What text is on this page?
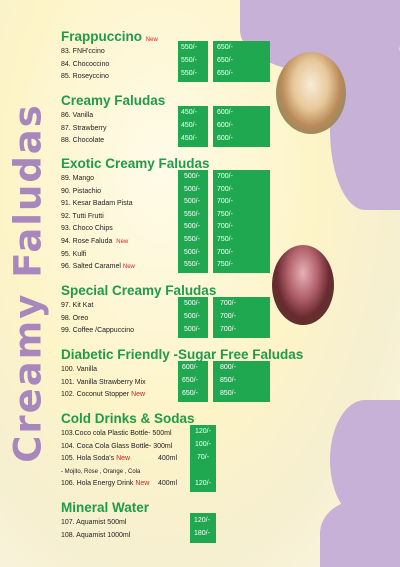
Creamy Faludas
Frappuccino New
83. FNH'ccino
84. Chococcino
85. Roseyccino
550/-
550/-
550/-
650/-
650/-
650/-
Creamy Faludas
86. Vanilla
87. Strawberry
88. Chocolate
450/-
450/-
450/-
600/-
600/-
600/-
Exotic Creamy Faludas
89. Mango
90. Pistachio
91. Kesar Badam Pista
92. Tutti Frutti
93. Choco Chips
94. Rose Faluda New
95. Kulfi
96. Salted Caramel New
500/-
500/-
500/-
550/-
500/-
550/-
500/-
550/-
700/-
700/-
700/-
750/-
700/-
750/-
700/-
750/-
Special Creamy Faludas
97. Kit Kat
98. Oreo
99. Coffee /Cappuccino
500/-
500/-
500/-
700/-
700/-
700/-
Diabetic Friendly -Sugar Free Faludas
100. Vanilla
101. Vanilla Strawberry Mix
102. Coconut Stopper New
600/-
650/-
650/-
800/-
850/-
850/-
Cold Drinks & Sodas
103.Coco cola Plastic Bottle- 500ml
104. Coca Cola Glass Bottle- 300ml
105. Hola Soda's New	400ml
- Mojito, Rose , Orange , Cola
106. Hola Energy Drink New 400ml
120/-
100/-
70/-
120/-
Mineral Water
107. Aquamist 500ml
108. Aquamist 1000ml
120/-
180/-
